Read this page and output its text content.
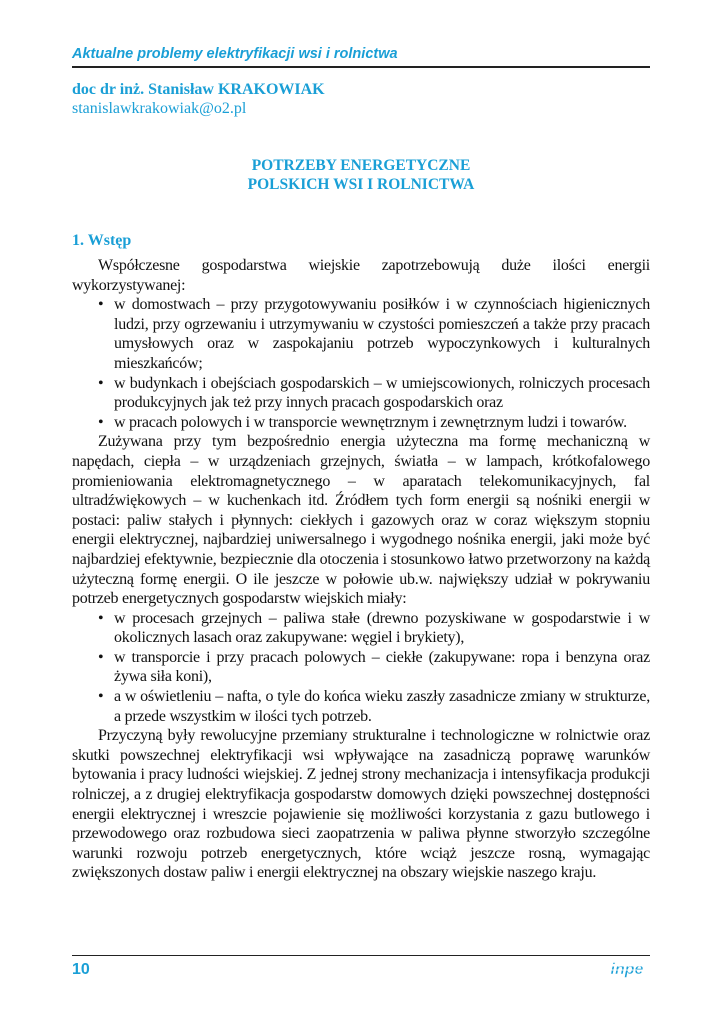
Aktualne problemy elektryfikacji wsi i rolnictwa
doc dr inż. Stanisław KRAKOWIAK
stanislawkrakowiak@o2.pl
POTRZEBY ENERGETYCZNE
POLSKICH WSI I ROLNICTWA
1. Wstęp

Współczesne gospodarstwa wiejskie zapotrzebowują duże ilości energii wykorzystywanej:

• w domostwach – przy przygotowywaniu posiłków i w czynnościach higienicznych ludzi, przy ogrzewaniu i utrzymywaniu w czystości pomieszczeń a także przy pracach umysłowych oraz w zaspokajaniu potrzeb wypoczynkowych i kulturalnych mieszkańców;
• w budynkach i obejściach gospodarskich – w umiejscowionych, rolniczych procesach produkcyjnych jak też przy innych pracach gospodarskich oraz
• w pracach polowych i w transporcie wewnętrznym i zewnętrznym ludzi i towarów.

Zużywana przy tym bezpośrednio energia użyteczna ma formę mechaniczną w napędach, ciepła – w urządzeniach grzejnych, światła – w lampach, krótkofalowego promieniowania elektromagnetycznego – w aparatach telekomunikacyjnych, fal ultradźwiękowych – w kuchenkach itd. Źródłem tych form energii są nośniki energii w postaci: paliw stałych i płynnych: ciekłych i gazowych oraz w coraz większym stopniu energii elektrycznej, najbardziej uniwersalnego i wygodnego nośnika energii, jaki może być najbardziej efektywnie, bezpiecznie dla otoczenia i stosunkowo łatwo przetworzony na każdą użyteczną formę energii. O ile jeszcze w połowie ub.w. największy udział w pokrywaniu potrzeb energetycznych gospodarstw wiejskich miały:

• w procesach grzejnych – paliwa stałe (drewno pozyskiwane w gospodarstwie i w okolicznych lasach oraz zakupywane: węgiel i brykiety),
• w transporcie i przy pracach polowych – ciekłe (zakupywane: ropa i benzyna oraz żywa siła koni),
• a w oświetleniu – nafta, o tyle do końca wieku zaszły zasadnicze zmiany w strukturze, a przede wszystkim w ilości tych potrzeb.

Przyczyną były rewolucyjne przemiany strukturalne i technologiczne w rolnictwie oraz skutki powszechnej elektryfikacji wsi wpływające na zasadniczą poprawę warunków bytowania i pracy ludności wiejskiej. Z jednej strony mechanizacja i intensyfikacja produkcji rolniczej, a z drugiej elektryfikacja gospodarstw domowych dzięki powszechnej dostępności energii elektrycznej i wreszcie pojawienie się możliwości korzystania z gazu butlowego i przewodowego oraz rozbudowa sieci zaopatrzenia w paliwa płynne stworzyło szczególne warunki rozwoju potrzeb energetycznych, które wciąż jeszcze rosną, wymagając zwiększonych dostaw paliw i energii elektrycznej na obszary wiejskie naszego kraju.

10	inpe
